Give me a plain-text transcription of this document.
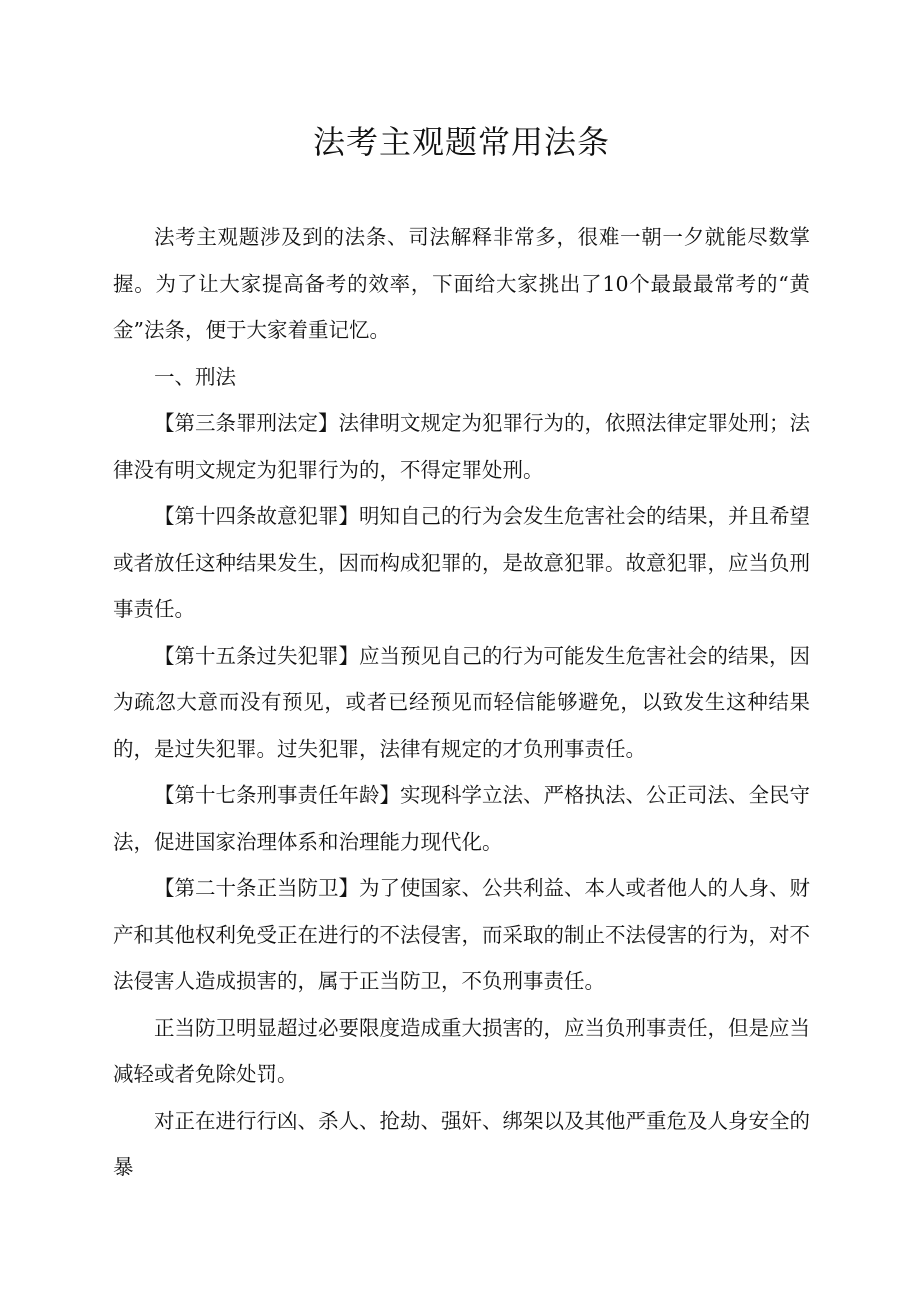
法考主观题常用法条

法考主观题涉及到的法条、司法解释非常多，很难一朝一夕就能尽数掌握。为了让大家提高备考的效率，下面给大家挑出了10个最最最常考的“黄金”法条，便于大家着重记忆。

一、刑法

【第三条罪刑法定】法律明文规定为犯罪行为的，依照法律定罪处刑；法律没有明文规定为犯罪行为的，不得定罪处刑。

【第十四条故意犯罪】明知自己的行为会发生危害社会的结果，并且希望或者放任这种结果发生，因而构成犯罪的，是故意犯罪。故意犯罪，应当负刑事责任。

【第十五条过失犯罪】应当预见自己的行为可能发生危害社会的结果，因为疏忽大意而没有预见，或者已经预见而轻信能够避免，以致发生这种结果的，是过失犯罪。过失犯罪，法律有规定的才负刑事责任。

【第十七条刑事责任年龄】实现科学立法、严格执法、公正司法、全民守法，促进国家治理体系和治理能力现代化。

【第二十条正当防卫】为了使国家、公共利益、本人或者他人的人身、财产和其他权利免受正在进行的不法侵害，而采取的制止不法侵害的行为，对不法侵害人造成损害的，属于正当防卫，不负刑事责任。

正当防卫明显超过必要限度造成重大损害的，应当负刑事责任，但是应当减轻或者免除处罚。

对正在进行行凶、杀人、抢劫、强奸、绑架以及其他严重危及人身安全的暴
